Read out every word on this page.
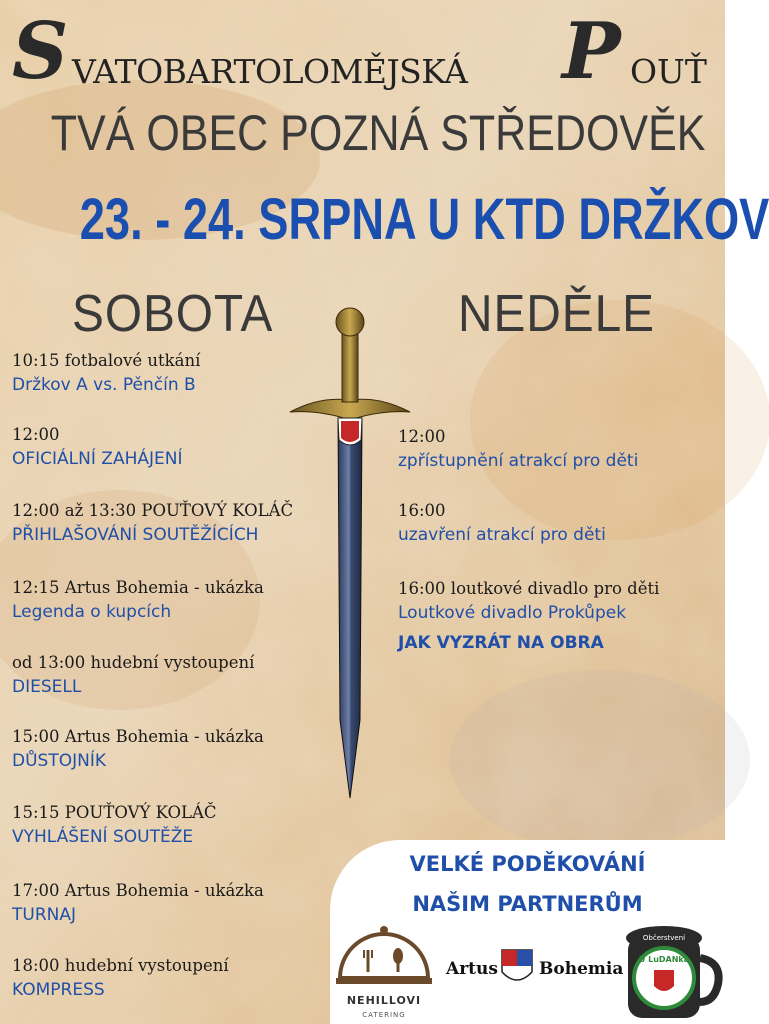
S VATOBARTOLOMĚJSKÁ P OUŤ
TVÁ OBEC POZNÁ STŘEDOVĚK
23. - 24. SRPNA U KTD DRŽKOV
SOBOTA	NEDĚLE
10:15 fotbalové utkání
Držkov A vs. Pěnčín B
12:00
OFICIÁLNÍ ZAHÁJENÍ
12:00 až 13:30 POUŤOVÝ KOLÁČ
PŘIHLAŠOVÁNÍ SOUTĚŽÍCÍCH
12:15 Artus Bohemia - ukázka
Legenda o kupcích
od 13:00 hudební vystoupení
DIESELL
15:00 Artus Bohemia - ukázka
DŮSTOJNÍK
15:15 POUŤOVÝ KOLÁČ
VYHLÁŠENÍ SOUTĚŽE
17:00 Artus Bohemia - ukázka
TURNAJ
18:00 hudební vystoupení
KOMPRESS
12:00
zpřístupnění atrakcí pro děti
16:00
uzavření atrakcí pro děti
16:00 loutkové divadlo pro děti
Loutkové divadlo Prokůpek
JAK VYZRÁT NA OBRA
VELKÉ PODĚKOVÁNÍ
NAŠIM PARTNERŮM
NEHILLOVI
CATERING
Artus Bohemia
Občerstvení
U LuDANka
